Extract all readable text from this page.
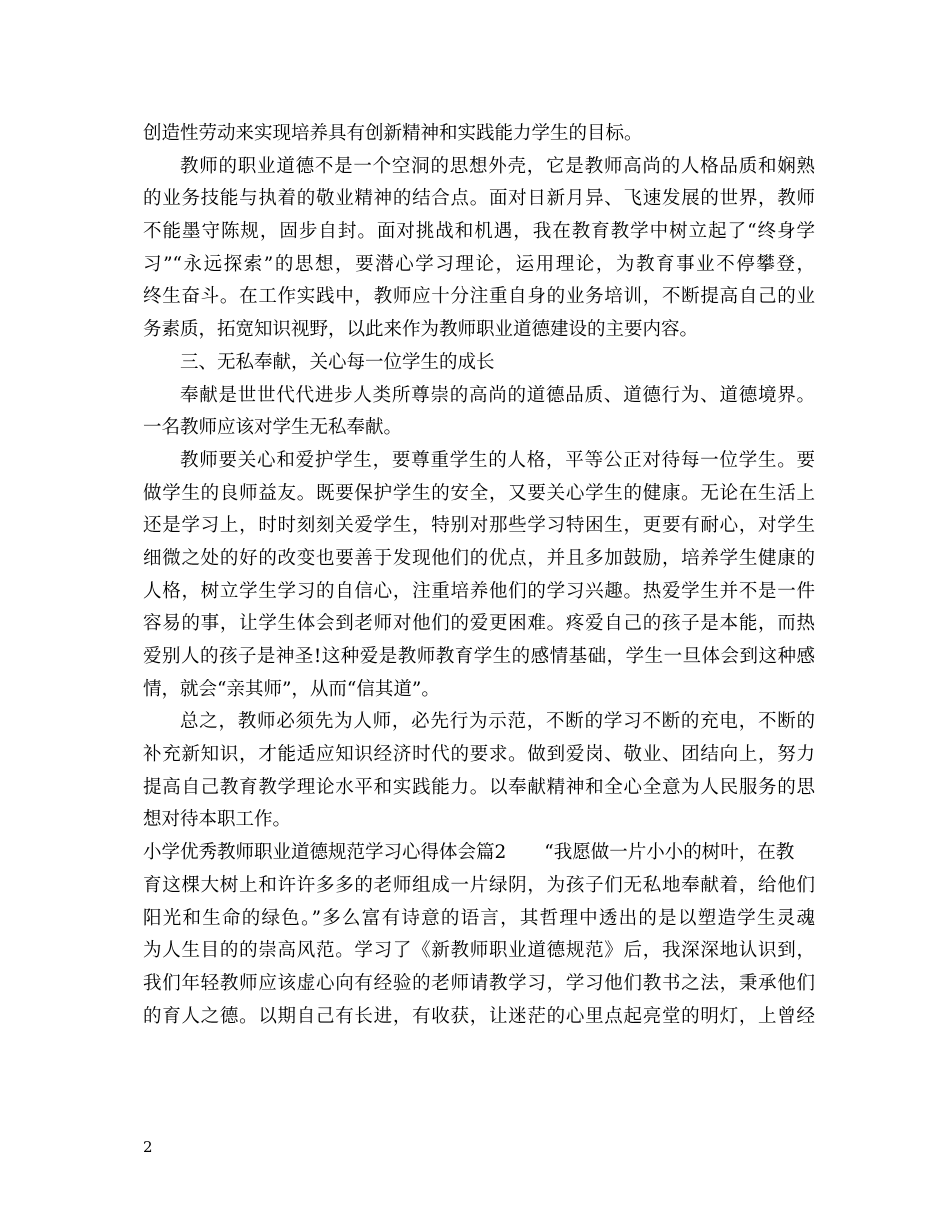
创造性劳动来实现培养具有创新精神和实践能力学生的目标。
教师的职业道德不是一个空洞的思想外壳，它是教师高尚的人格品质和娴熟
的业务技能与执着的敬业精神的结合点。面对日新月异、飞速发展的世界，教师
不能墨守陈规，固步自封。面对挑战和机遇，我在教育教学中树立起了“终身学
习”“永远探索”的思想，要潜心学习理论，运用理论，为教育事业不停攀登，
终生奋斗。在工作实践中，教师应十分注重自身的业务培训，不断提高自己的业
务素质，拓宽知识视野，以此来作为教师职业道德建设的主要内容。
三、无私奉献，关心每一位学生的成长
奉献是世世代代进步人类所尊崇的高尚的道德品质、道德行为、道德境界。
一名教师应该对学生无私奉献。
教师要关心和爱护学生，要尊重学生的人格，平等公正对待每一位学生。要
做学生的良师益友。既要保护学生的安全，又要关心学生的健康。无论在生活上
还是学习上，时时刻刻关爱学生，特别对那些学习特困生，更要有耐心，对学生
细微之处的好的改变也要善于发现他们的优点，并且多加鼓励，培养学生健康的
人格，树立学生学习的自信心，注重培养他们的学习兴趣。热爱学生并不是一件
容易的事，让学生体会到老师对他们的爱更困难。疼爱自己的孩子是本能，而热
爱别人的孩子是神圣!这种爱是教师教育学生的感情基础，学生一旦体会到这种感
情，就会“亲其师”，从而“信其道”。
总之，教师必须先为人师，必先行为示范，不断的学习不断的充电，不断的
补充新知识，才能适应知识经济时代的要求。做到爱岗、敬业、团结向上，努力
提高自己教育教学理论水平和实践能力。以奉献精神和全心全意为人民服务的思
想对待本职工作。
小学优秀教师职业道德规范学习心得体会篇2 “我愿做一片小小的树叶，在教
育这棵大树上和许许多多的老师组成一片绿阴，为孩子们无私地奉献着，给他们
阳光和生命的绿色。”多么富有诗意的语言，其哲理中透出的是以塑造学生灵魂
为人生目的的崇高风范。学习了《新教师职业道德规范》后，我深深地认识到，
我们年轻教师应该虚心向有经验的老师请教学习，学习他们教书之法，秉承他们
的育人之德。以期自己有长进，有收获，让迷茫的心里点起亮堂的明灯，上曾经
2
